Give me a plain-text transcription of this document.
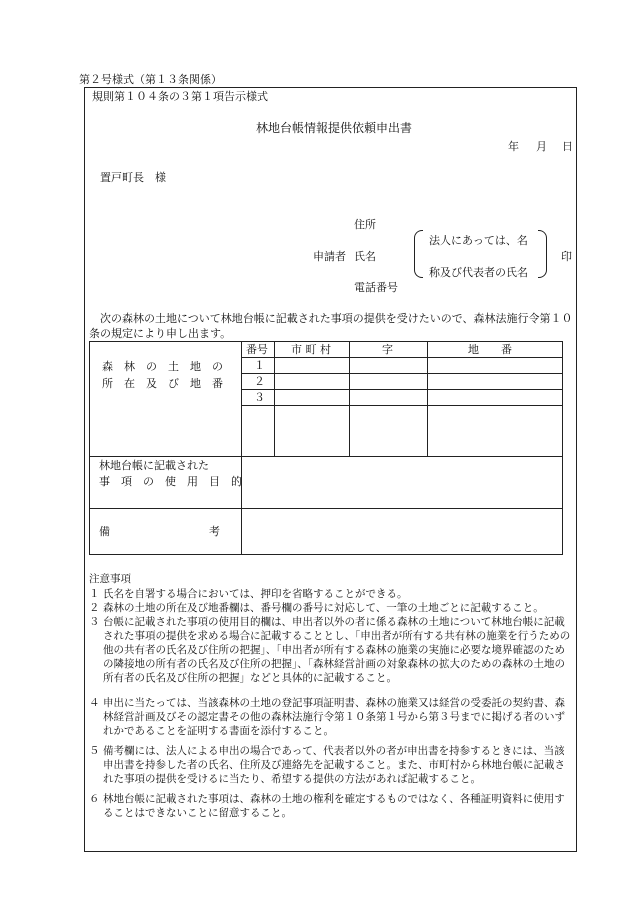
第２号様式（第１３条関係）
規則第１０４条の３第１項告示様式
林地台帳情報提供依頼申出書
年 月 日
置戸町長　様
住所
申請者 氏名
法人にあっては、名
称及び代表者の氏名
印
電話番号
次の森林の土地について林地台帳に記載された事項の提供を受けたいので、森林法施行令第１０
条の規定により申し出ます。
森　林　の　土　地　の
所　在　及　び　地　番
番号 市 町 村	字	地　　番
１
２
３
林地台帳に記載された
事　項　の　使　用　目　的
備　　　　　　　　　考
注意事項
１ 氏名を自署する場合においては、押印を省略することができる。
２ 森林の土地の所在及び地番欄は、番号欄の番号に対応して、一筆の土地ごとに記載すること。
３ 台帳に記載された事項の使用目的欄は、申出者以外の者に係る森林の土地について林地台帳に記載された事項の提供を求める場合に記載することとし、「申出者が所有する共有林の施業を行うための他の共有者の氏名及び住所の把握」、「申出者が所有する森林の施業の実施に必要な境界確認のための隣接地の所有者の氏名及び住所の把握」、「森林経営計画の対象森林の拡大のための森林の土地の所有者の氏名及び住所の把握」などと具体的に記載すること。
４ 申出に当たっては、当該森林の土地の登記事項証明書、森林の施業又は経営の受委託の契約書、森林経営計画及びその認定書その他の森林法施行令第１０条第１号から第３号までに掲げる者のいずれかであることを証明する書面を添付すること。
５ 備考欄には、法人による申出の場合であって、代表者以外の者が申出書を持参するときには、当該申出書を持参した者の氏名、住所及び連絡先を記載すること。また、市町村から林地台帳に記載された事項の提供を受けるに当たり、希望する提供の方法があれば記載すること。
６ 林地台帳に記載された事項は、森林の土地の権利を確定するものではなく、各種証明資料に使用することはできないことに留意すること。
